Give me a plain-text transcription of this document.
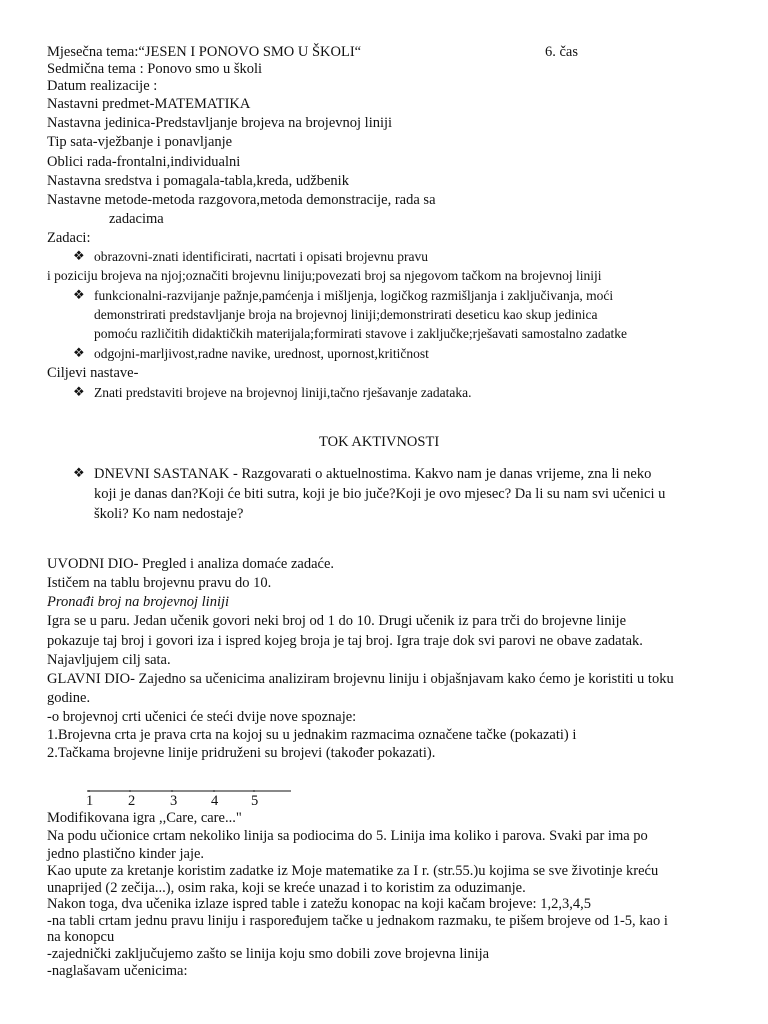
Mjesečna tema:“JESEN I PONOVO SMO U ŠKOLI“	6. čas
Sedmična tema : Ponovo smo u školi
Datum realizacije :
Nastavni predmet-MATEMATIKA
Nastavna jedinica-Predstavljanje brojeva na brojevnoj liniji
Tip sata-vježbanje i ponavljanje
Oblici rada-frontalni,individualni
Nastavna sredstva i pomagala-tabla,kreda, udžbenik
Nastavne metode-metoda razgovora,metoda demonstracije, rada sa
zadacima
Zadaci:
❖ obrazovni-znati identificirati, nacrtati i opisati brojevnu pravu
i poziciju brojeva na njoj;označiti brojevnu liniju;povezati broj sa njegovom tačkom na brojevnoj liniji
❖ funkcionalni-razvijanje pažnje,pamćenja i mišljenja, logičkog razmišljanja i zaključivanja, moći
demonstrirati predstavljanje broja na brojevnoj liniji;demonstrirati deseticu kao skup jedinica
pomoću različitih didaktičkih materijala;formirati stavove i zaključke;rješavati samostalno zadatke
❖ odgojni-marljivost,radne navike, urednost, upornost,kritičnost
Ciljevi nastave-
❖ Znati predstaviti brojeve na brojevnoj liniji,tačno rješavanje zadataka.
TOK AKTIVNOSTI
❖ DNEVNI SASTANAK - Razgovarati o aktuelnostima. Kakvo nam je danas vrijeme, zna li neko
koji je danas dan?Koji će biti sutra, koji je bio juče?Koji je ovo mjesec? Da li su nam svi učenici u
školi? Ko nam nedostaje?
UVODNI DIO- Pregled i analiza domaće zadaće.
Ističem na tablu brojevnu pravu do 10.
Pronađi broj na brojevnoj liniji
Igra se u paru. Jedan učenik govori neki broj od 1 do 10. Drugi učenik iz para trči do brojevne linije
pokazuje taj broj i govori iza i ispred kojeg broja je taj broj. Igra traje dok svi parovi ne obave zadatak.
Najavljujem cilj sata.
GLAVNI DIO- Zajedno sa učenicima analiziram brojevnu liniju i objašnjavam kako ćemo je koristiti u toku
godine.
-o brojevnoj crti učenici će steći dvije nove spoznaje:
1.Brojevna crta je prava crta na kojoj su u jednakim razmacima označene tačke (pokazati) i
2.Tačkama brojevne linije pridruženi su brojevi (također pokazati).
1 2 3 4 5
Modifikovana igra ,,Care, care..."
Na podu učionice crtam nekoliko linija sa podiocima do 5. Linija ima koliko i parova. Svaki par ima po
jedno plastično kinder jaje.
Kao upute za kretanje koristim zadatke iz Moje matematike za I r. (str.55.)u kojima se sve životinje kreću
unaprijed (2 zečija...), osim raka, koji se kreće unazad i to koristim za oduzimanje.
Nakon toga, dva učenika izlaze ispred table i zatežu konopac na koji kačam brojeve: 1,2,3,4,5
-na tabli crtam jednu pravu liniju i raspoređujem tačke u jednakom razmaku, te pišem brojeve od 1-5, kao i
na konopcu
-zajednički zaključujemo zašto se linija koju smo dobili zove brojevna linija
-naglašavam učenicima:
